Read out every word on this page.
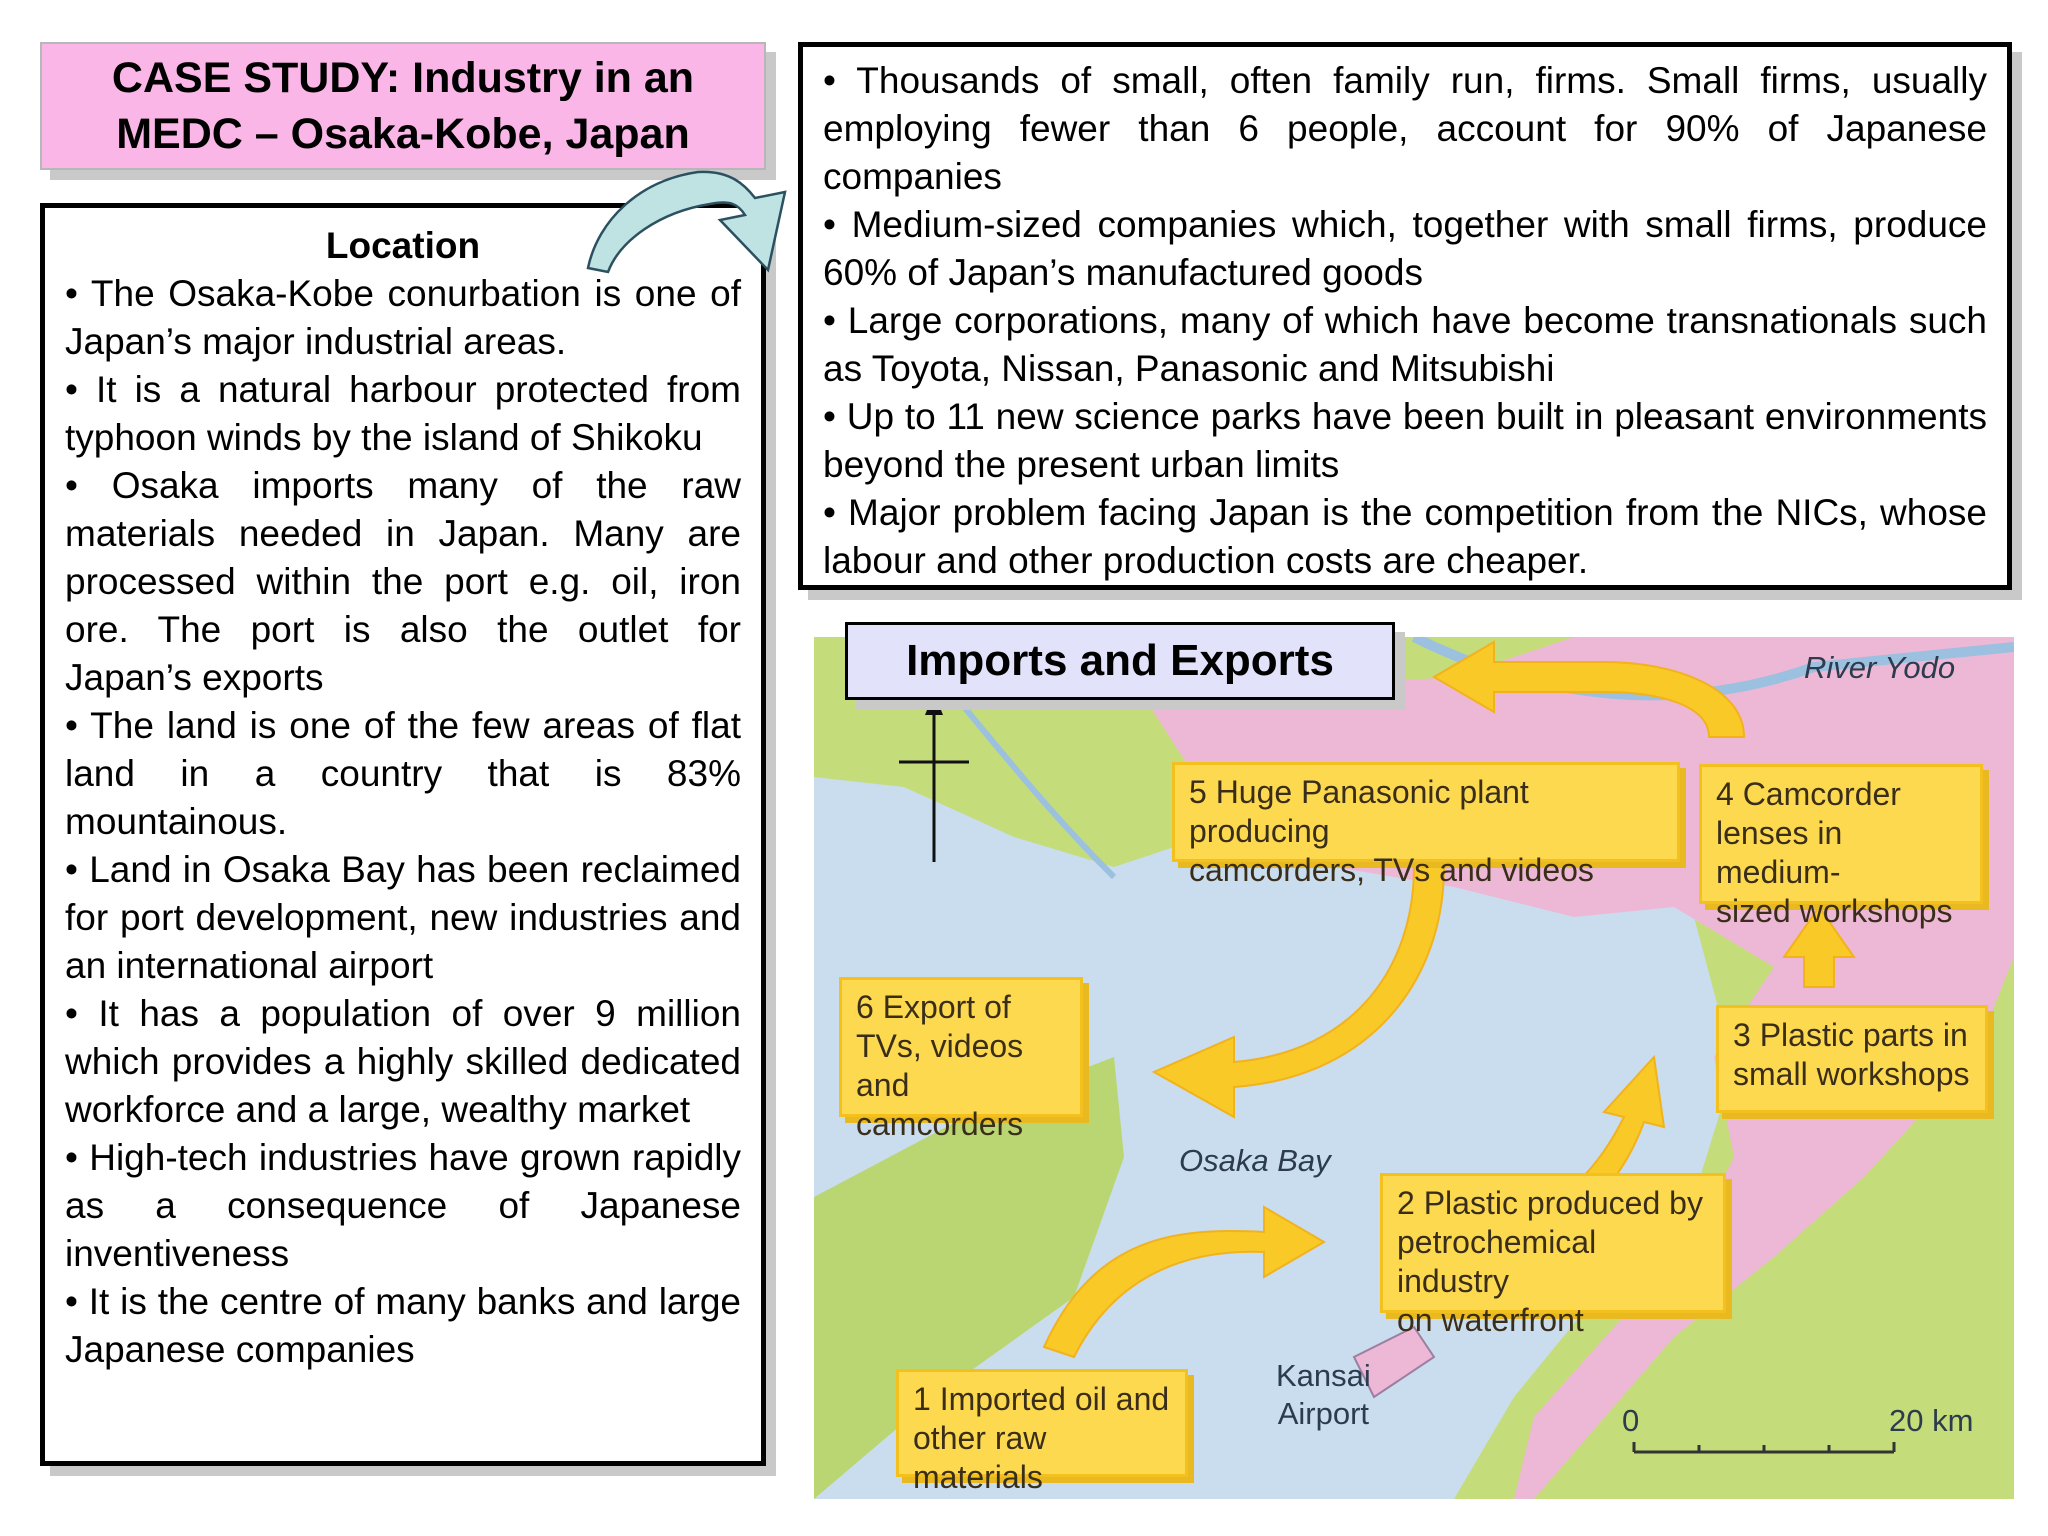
CASE STUDY: Industry in an
MEDC – Osaka-Kobe, Japan
Location

• The Osaka-Kobe conurbation is one of Japan’s major industrial areas.

• It is a natural harbour protected from typhoon winds by the island of Shikoku

• Osaka imports many of the raw materials needed in Japan. Many are processed within the port e.g. oil, iron ore. The port is also the outlet for Japan’s exports

• The land is one of the few areas of flat land in a country that is 83% mountainous.

• Land in Osaka Bay has been reclaimed for port development, new industries and an international airport

• It has a population of over 9 million which provides a highly skilled dedicated workforce and a large, wealthy market

• High-tech industries have grown rapidly as a consequence of Japanese inventiveness

• It is the centre of many banks and large Japanese companies

• Thousands of small, often family run, firms. Small firms, usually employing fewer than 6 people, account for 90% of Japanese companies

• Medium-sized companies which, together with small firms, produce 60% of Japan’s manufactured goods

• Large corporations, many of which have become transnationals such as Toyota, Nissan, Panasonic and Mitsubishi

• Up to 11 new science parks have been built in pleasant environments beyond the present urban limits

• Major problem facing Japan is the competition from the NICs, whose labour and other production costs are cheaper.

River Yodo
Osaka Bay
Kansai
Airport	0	20 km
1 Imported oil and
other raw materials
2 Plastic produced by
petrochemical industry
on waterfront
3 Plastic parts in
small workshops
4 Camcorder
lenses in medium-
sized workshops
5 Huge Panasonic plant producing
camcorders, TVs and videos
6 Export of
TVs, videos and
camcorders
Imports and Exports
